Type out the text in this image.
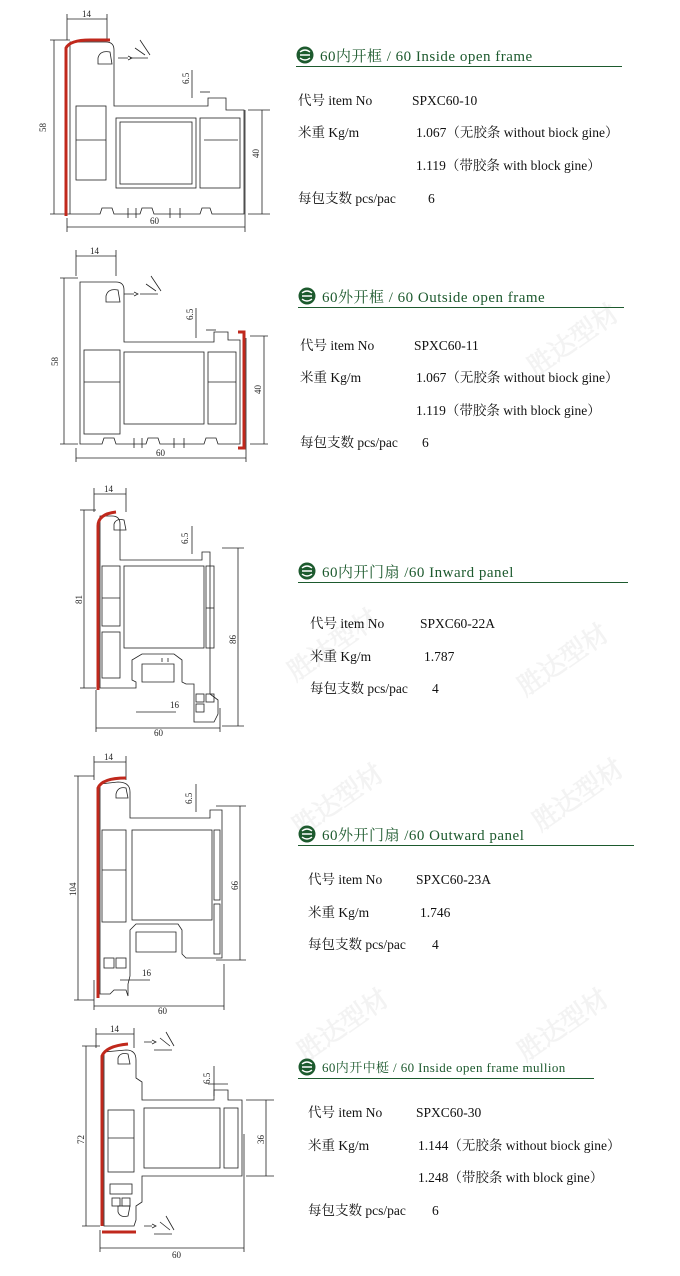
14
58
60
40
6.5
60内开框 / 60 Inside open frame
代号 item No	SPXC60-10
米重 Kg/m	1.067（无胶条 without biock gine）
1.119（带胶条 with block gine）
每包支数 pcs/pac 6
14
58
60
40
6.5
60外开框 / 60 Outside open frame
代号 item No	SPXC60-11
米重 Kg/m	1.067（无胶条 without biock gine）
1.119（带胶条 with block gine）
每包支数 pcs/pac 6
14
81
60
86
6.5
16
60内开门扇 /60 Inward panel
代号 item No	SPXC60-22A
米重 Kg/m	1.787
每包支数 pcs/pac 4
14
104
60
66
6.5
16
60外开门扇 /60 Outward panel
代号 item No	SPXC60-23A
米重 Kg/m	1.746
每包支数 pcs/pac 4
14
72
60
36
6.5
60内开中梃 / 60 Inside open frame mullion
代号 item No	SPXC60-30
米重 Kg/m	1.144（无胶条 without biock gine）
1.248（带胶条 with block gine）
每包支数 pcs/pac 6
